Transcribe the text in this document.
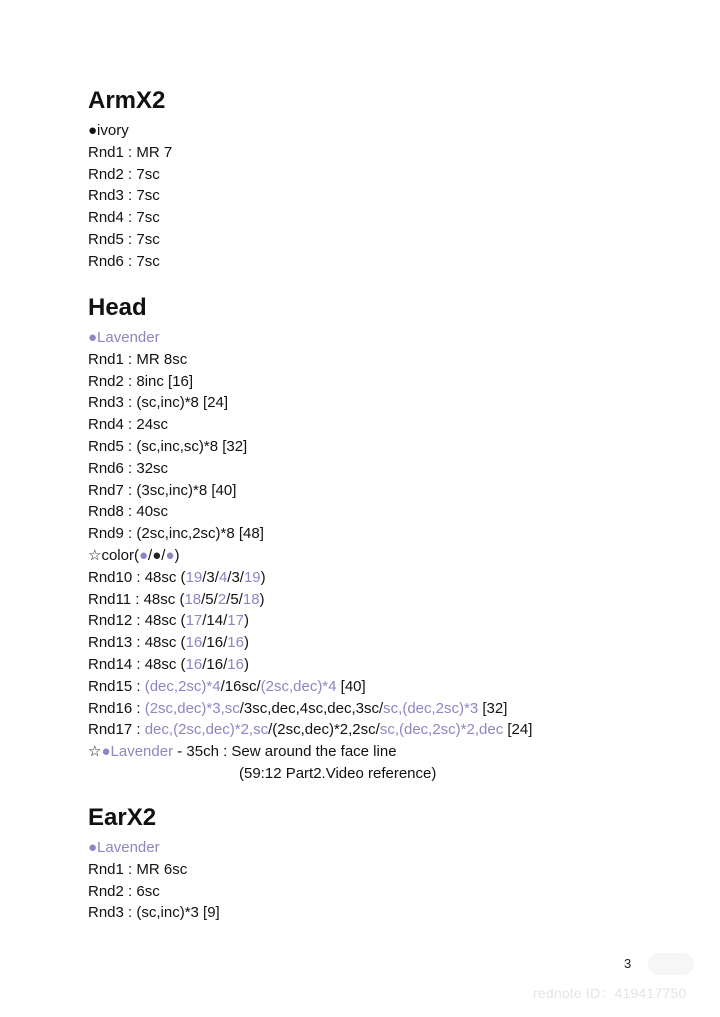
ArmX2
●ivory
Rnd1 : MR 7
Rnd2 : 7sc
Rnd3 : 7sc
Rnd4 : 7sc
Rnd5 : 7sc
Rnd6 : 7sc
Head
●Lavender
Rnd1 : MR 8sc
Rnd2 : 8inc [16]
Rnd3 : (sc,inc)*8 [24]
Rnd4 : 24sc
Rnd5 : (sc,inc,sc)*8 [32]
Rnd6 : 32sc
Rnd7 : (3sc,inc)*8 [40]
Rnd8 : 40sc
Rnd9 : (2sc,inc,2sc)*8 [48]
☆color(●/●/●)
Rnd10 : 48sc (19/3/4/3/19)
Rnd11 : 48sc (18/5/2/5/18)
Rnd12 : 48sc (17/14/17)
Rnd13 : 48sc (16/16/16)
Rnd14 : 48sc (16/16/16)
Rnd15 : (dec,2sc)*4/16sc/(2sc,dec)*4 [40]
Rnd16 : (2sc,dec)*3,sc/3sc,dec,4sc,dec,3sc/sc,(dec,2sc)*3 [32]
Rnd17 : dec,(2sc,dec)*2,sc/(2sc,dec)*2,2sc/sc,(dec,2sc)*2,dec [24]
☆●Lavender - 35ch : Sew around the face line
(59:12 Part2.Video reference)
EarX2
●Lavender
Rnd1 : MR 6sc
Rnd2 : 6sc
Rnd3 : (sc,inc)*3 [9]
3
rednote ID：419417750
